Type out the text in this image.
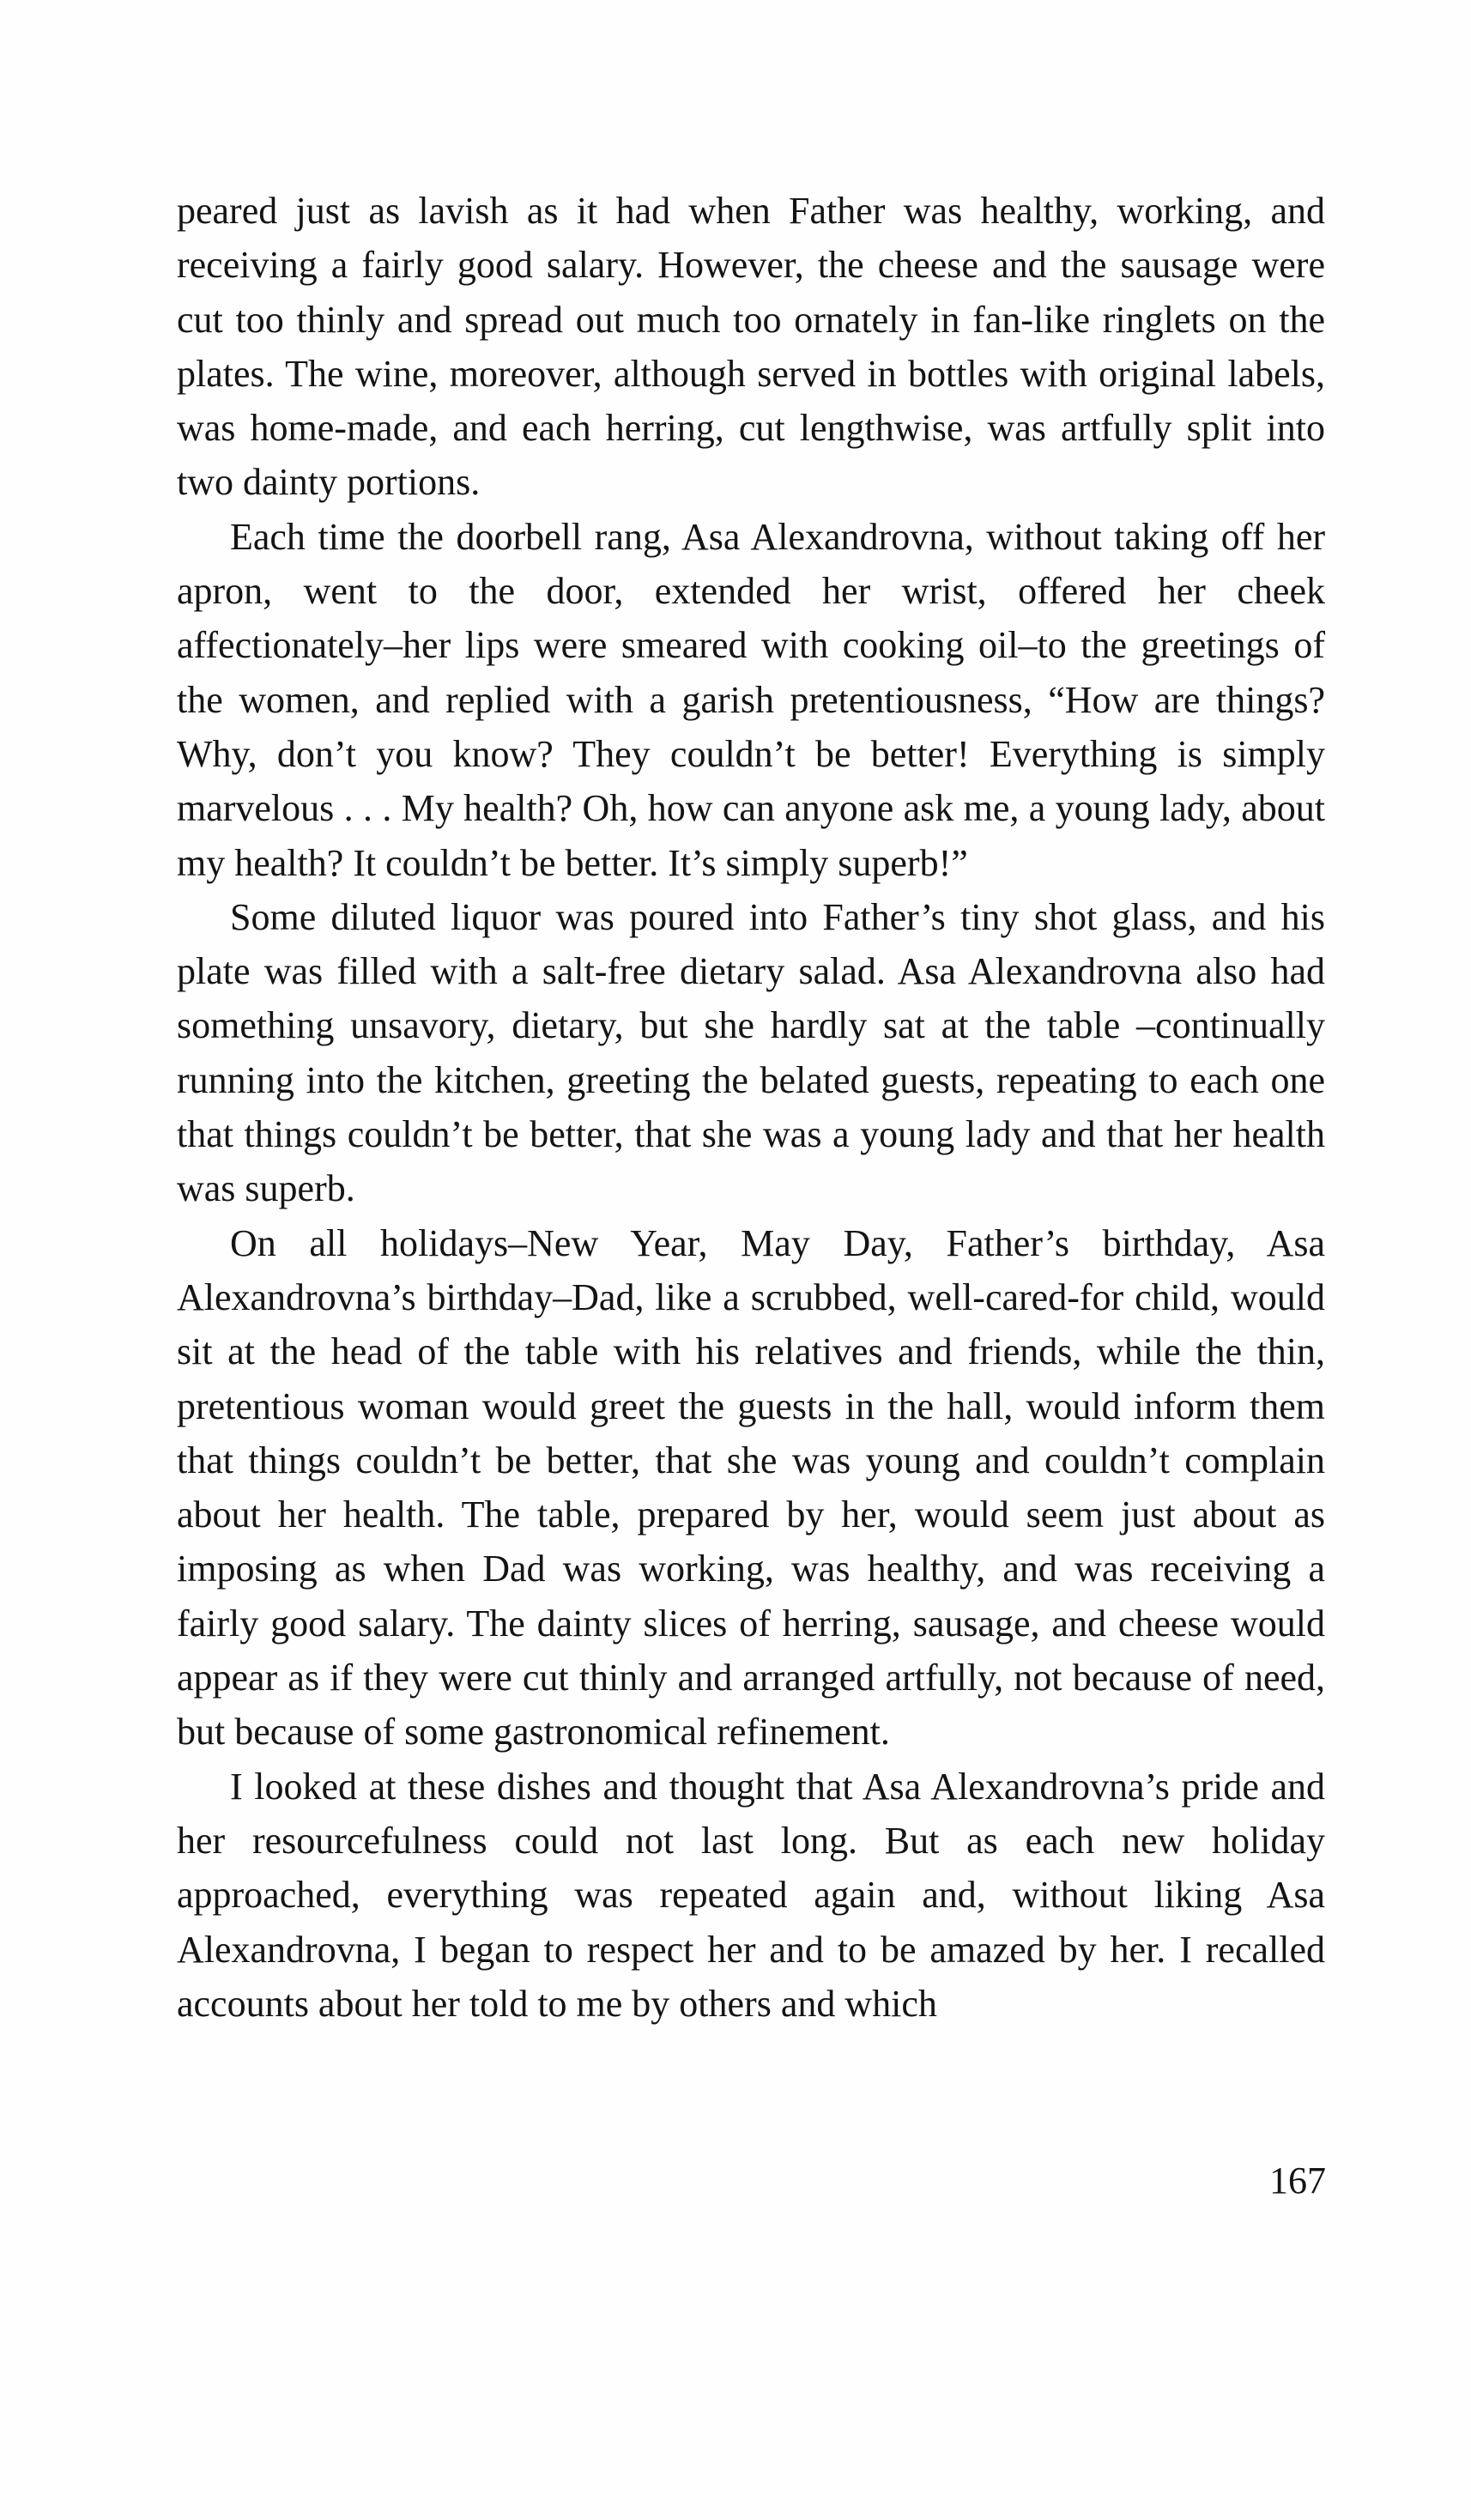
peared just as lavish as it had when Father was healthy, working, and receiving a fairly good salary. However, the cheese and the sausage were cut too thinly and spread out much too ornately in fan-like ringlets on the plates. The wine, moreover, although served in bottles with original labels, was home-made, and each herring, cut lengthwise, was artfully split into two dainty portions.

Each time the doorbell rang, Asa Alexandrovna, without taking off her apron, went to the door, extended her wrist, offered her cheek affectionately–her lips were smeared with cooking oil–to the greetings of the women, and replied with a garish pretentiousness, “How are things? Why, don’t you know? They couldn’t be better! Everything is simply marvelous . . . My health? Oh, how can anyone ask me, a young lady, about my health? It couldn’t be better. It’s simply superb!”

Some diluted liquor was poured into Father’s tiny shot glass, and his plate was filled with a salt-free dietary salad. Asa Alexandrovna also had something unsavory, dietary, but she hardly sat at the table –continually running into the kitchen, greeting the belated guests, repeating to each one that things couldn’t be better, that she was a young lady and that her health was superb.

On all holidays–New Year, May Day, Father’s birthday, Asa Alexandrovna’s birthday–Dad, like a scrubbed, well-cared-for child, would sit at the head of the table with his relatives and friends, while the thin, pretentious woman would greet the guests in the hall, would inform them that things couldn’t be better, that she was young and couldn’t complain about her health. The table, prepared by her, would seem just about as imposing as when Dad was working, was healthy, and was receiving a fairly good salary. The dainty slices of herring, sausage, and cheese would appear as if they were cut thinly and arranged artfully, not because of need, but because of some gastronomical refinement.

I looked at these dishes and thought that Asa Alexandrovna’s pride and her resourcefulness could not last long. But as each new holiday approached, everything was repeated again and, without liking Asa Alexandrovna, I began to respect her and to be amazed by her. I recalled accounts about her told to me by others and which

167
